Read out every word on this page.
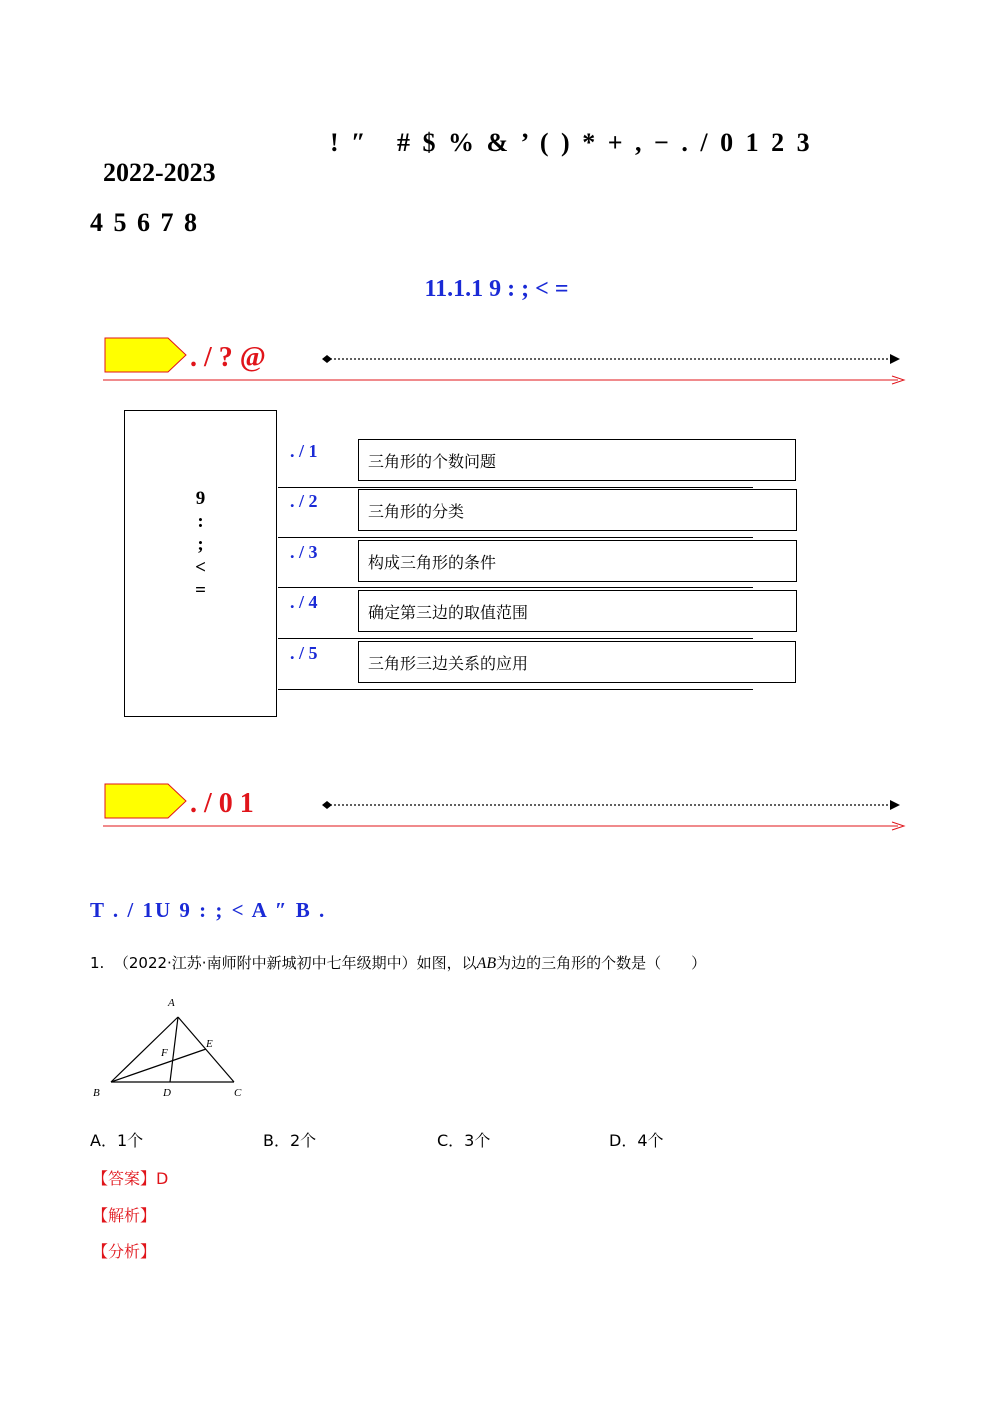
2022-2023
! ″   # $ % & ’ ( ) * + , − . / 0 1 2 3

4 5 6 7 8
11.1.1 9 : ; < =
. / ? @
9
:
;
<
=
. / 1	三角形的个数问题
. / 2	三角形的分类
. / 3	构成三角形的条件
. / 4	确定第三边的取值范围
. / 5	三角形三边关系的应用
. / 0 1
T . / 1U 9 : ; < A ″ B .
1. （2022·江苏·南师附中新城初中七年级期中）如图，以AB为边的三角形的个数是（　　）
A
B	C
D
E
F
A．1个	B．2个	C．3个	D．4个
【答案】D
【解析】
【分析】
